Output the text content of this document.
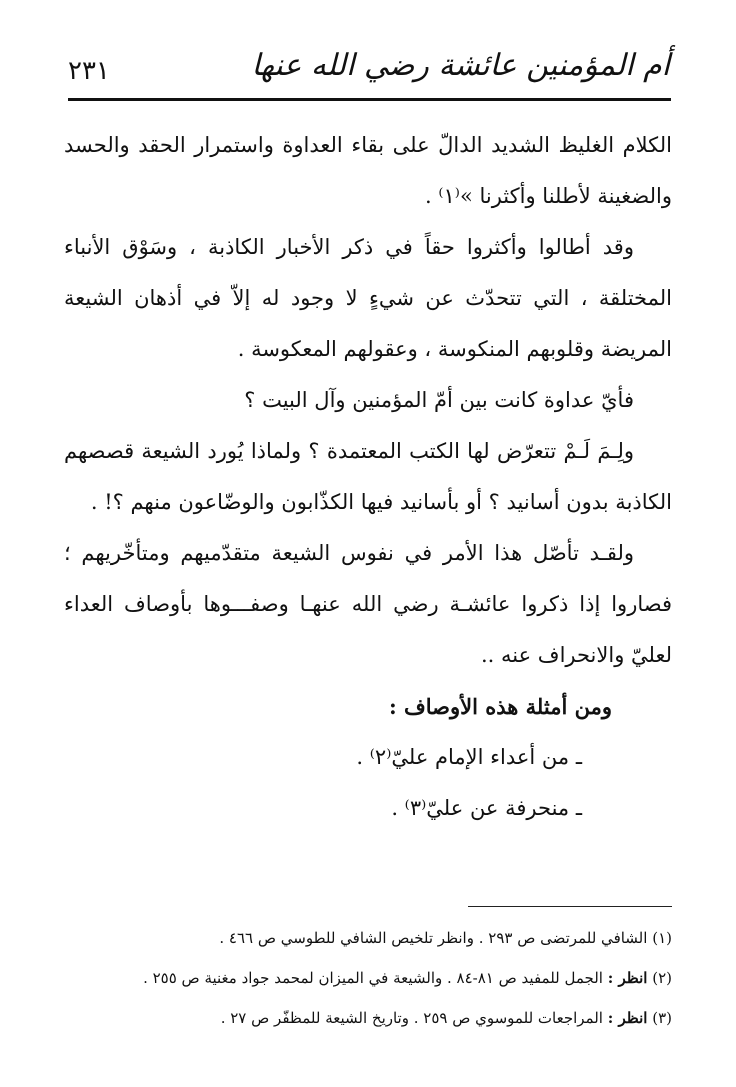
أم المؤمنين عائشة رضي الله عنها
٢٣١

الكلام الغليظ الشديد الدالّ على بقاء العداوة واستمرار الحقد والحسد والضغينة لأطلنا وأكثرنا »⁽١⁾ .

وقد أطالوا وأكثروا حقاً في ذكر الأخبار الكاذبة ، وسَوْق الأنباء المختلقة ، التي تتحدّث عن شيءٍ لا وجود له إلاّ في أذهان الشيعة المريضة وقلوبهم المنكوسة ، وعقولهم المعكوسة .

فأيّ عداوة كانت بين أمّ المؤمنين وآل البيت ؟

ولِـمَ لَـمْ تتعرّض لها الكتب المعتمدة ؟ ولماذا يُورد الشيعة قصصهم الكاذبة بدون أسانيد ؟ أو بأسانيد فيها الكذّابون والوضّاعون منهم ؟! .

ولقـد تأصّل هذا الأمر في نفوس الشيعة متقدّميهم ومتأخّريهم ؛ فصاروا إذا ذكروا عائشـة رضي الله عنهـا وصفـــوها بأوصاف العداء لعليّ والانحراف عنه ..

ومن أمثلة هذه الأوصاف :

ـ من أعداء الإمام عليّ⁽٢⁾ .

ـ منحرفة عن عليّ⁽٣⁾ .

(١) الشافي للمرتضى ص ٢٩٣ . وانظر تلخيص الشافي للطوسي ص ٤٦٦ .
(٢) انظر : الجمل للمفيد ص ٨١-٨٤ . والشيعة في الميزان لمحمد جواد مغنية ص ٢٥٥ .
(٣) انظر : المراجعات للموسوي ص ٢٥٩ . وتاريخ الشيعة للمظفّر ص ٢٧ .
